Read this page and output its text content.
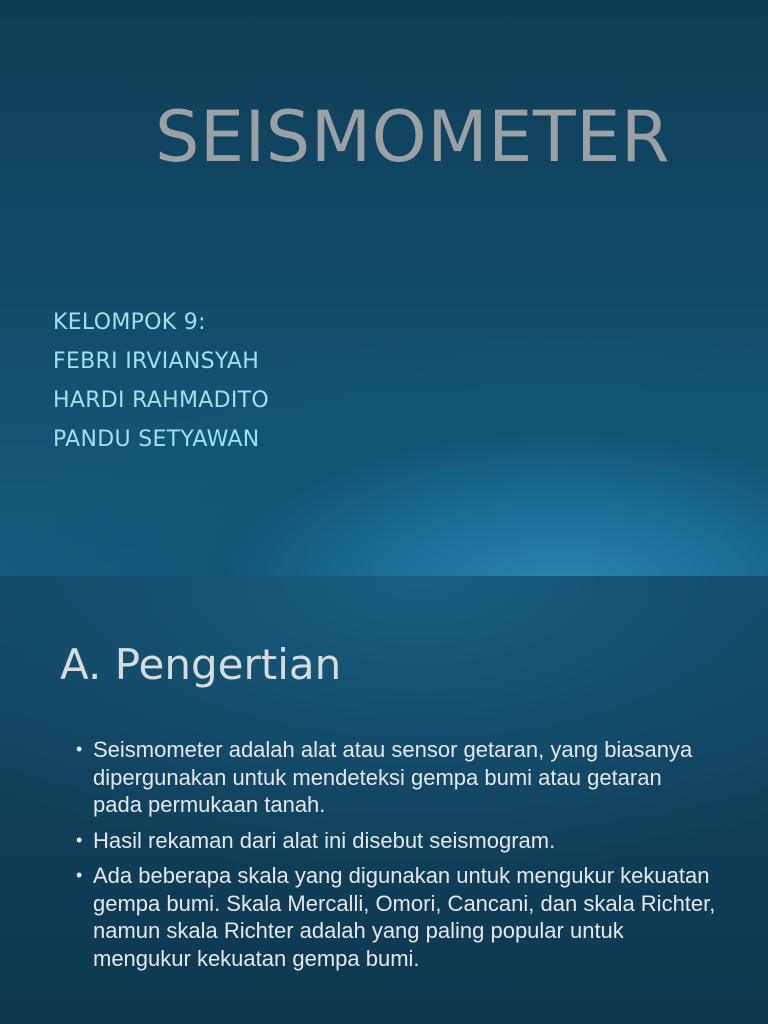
SEISMOMETER
KELOMPOK 9:
FEBRI IRVIANSYAH
HARDI RAHMADITO
PANDU SETYAWAN
A. Pengertian
• Seismometer adalah alat atau sensor getaran, yang biasanya dipergunakan untuk mendeteksi gempa bumi atau getaran pada permukaan tanah.
• Hasil rekaman dari alat ini disebut seismogram.
• Ada beberapa skala yang digunakan untuk mengukur kekuatan gempa bumi. Skala Mercalli, Omori, Cancani, dan skala Richter, namun skala Richter adalah yang paling popular untuk mengukur kekuatan gempa bumi.
